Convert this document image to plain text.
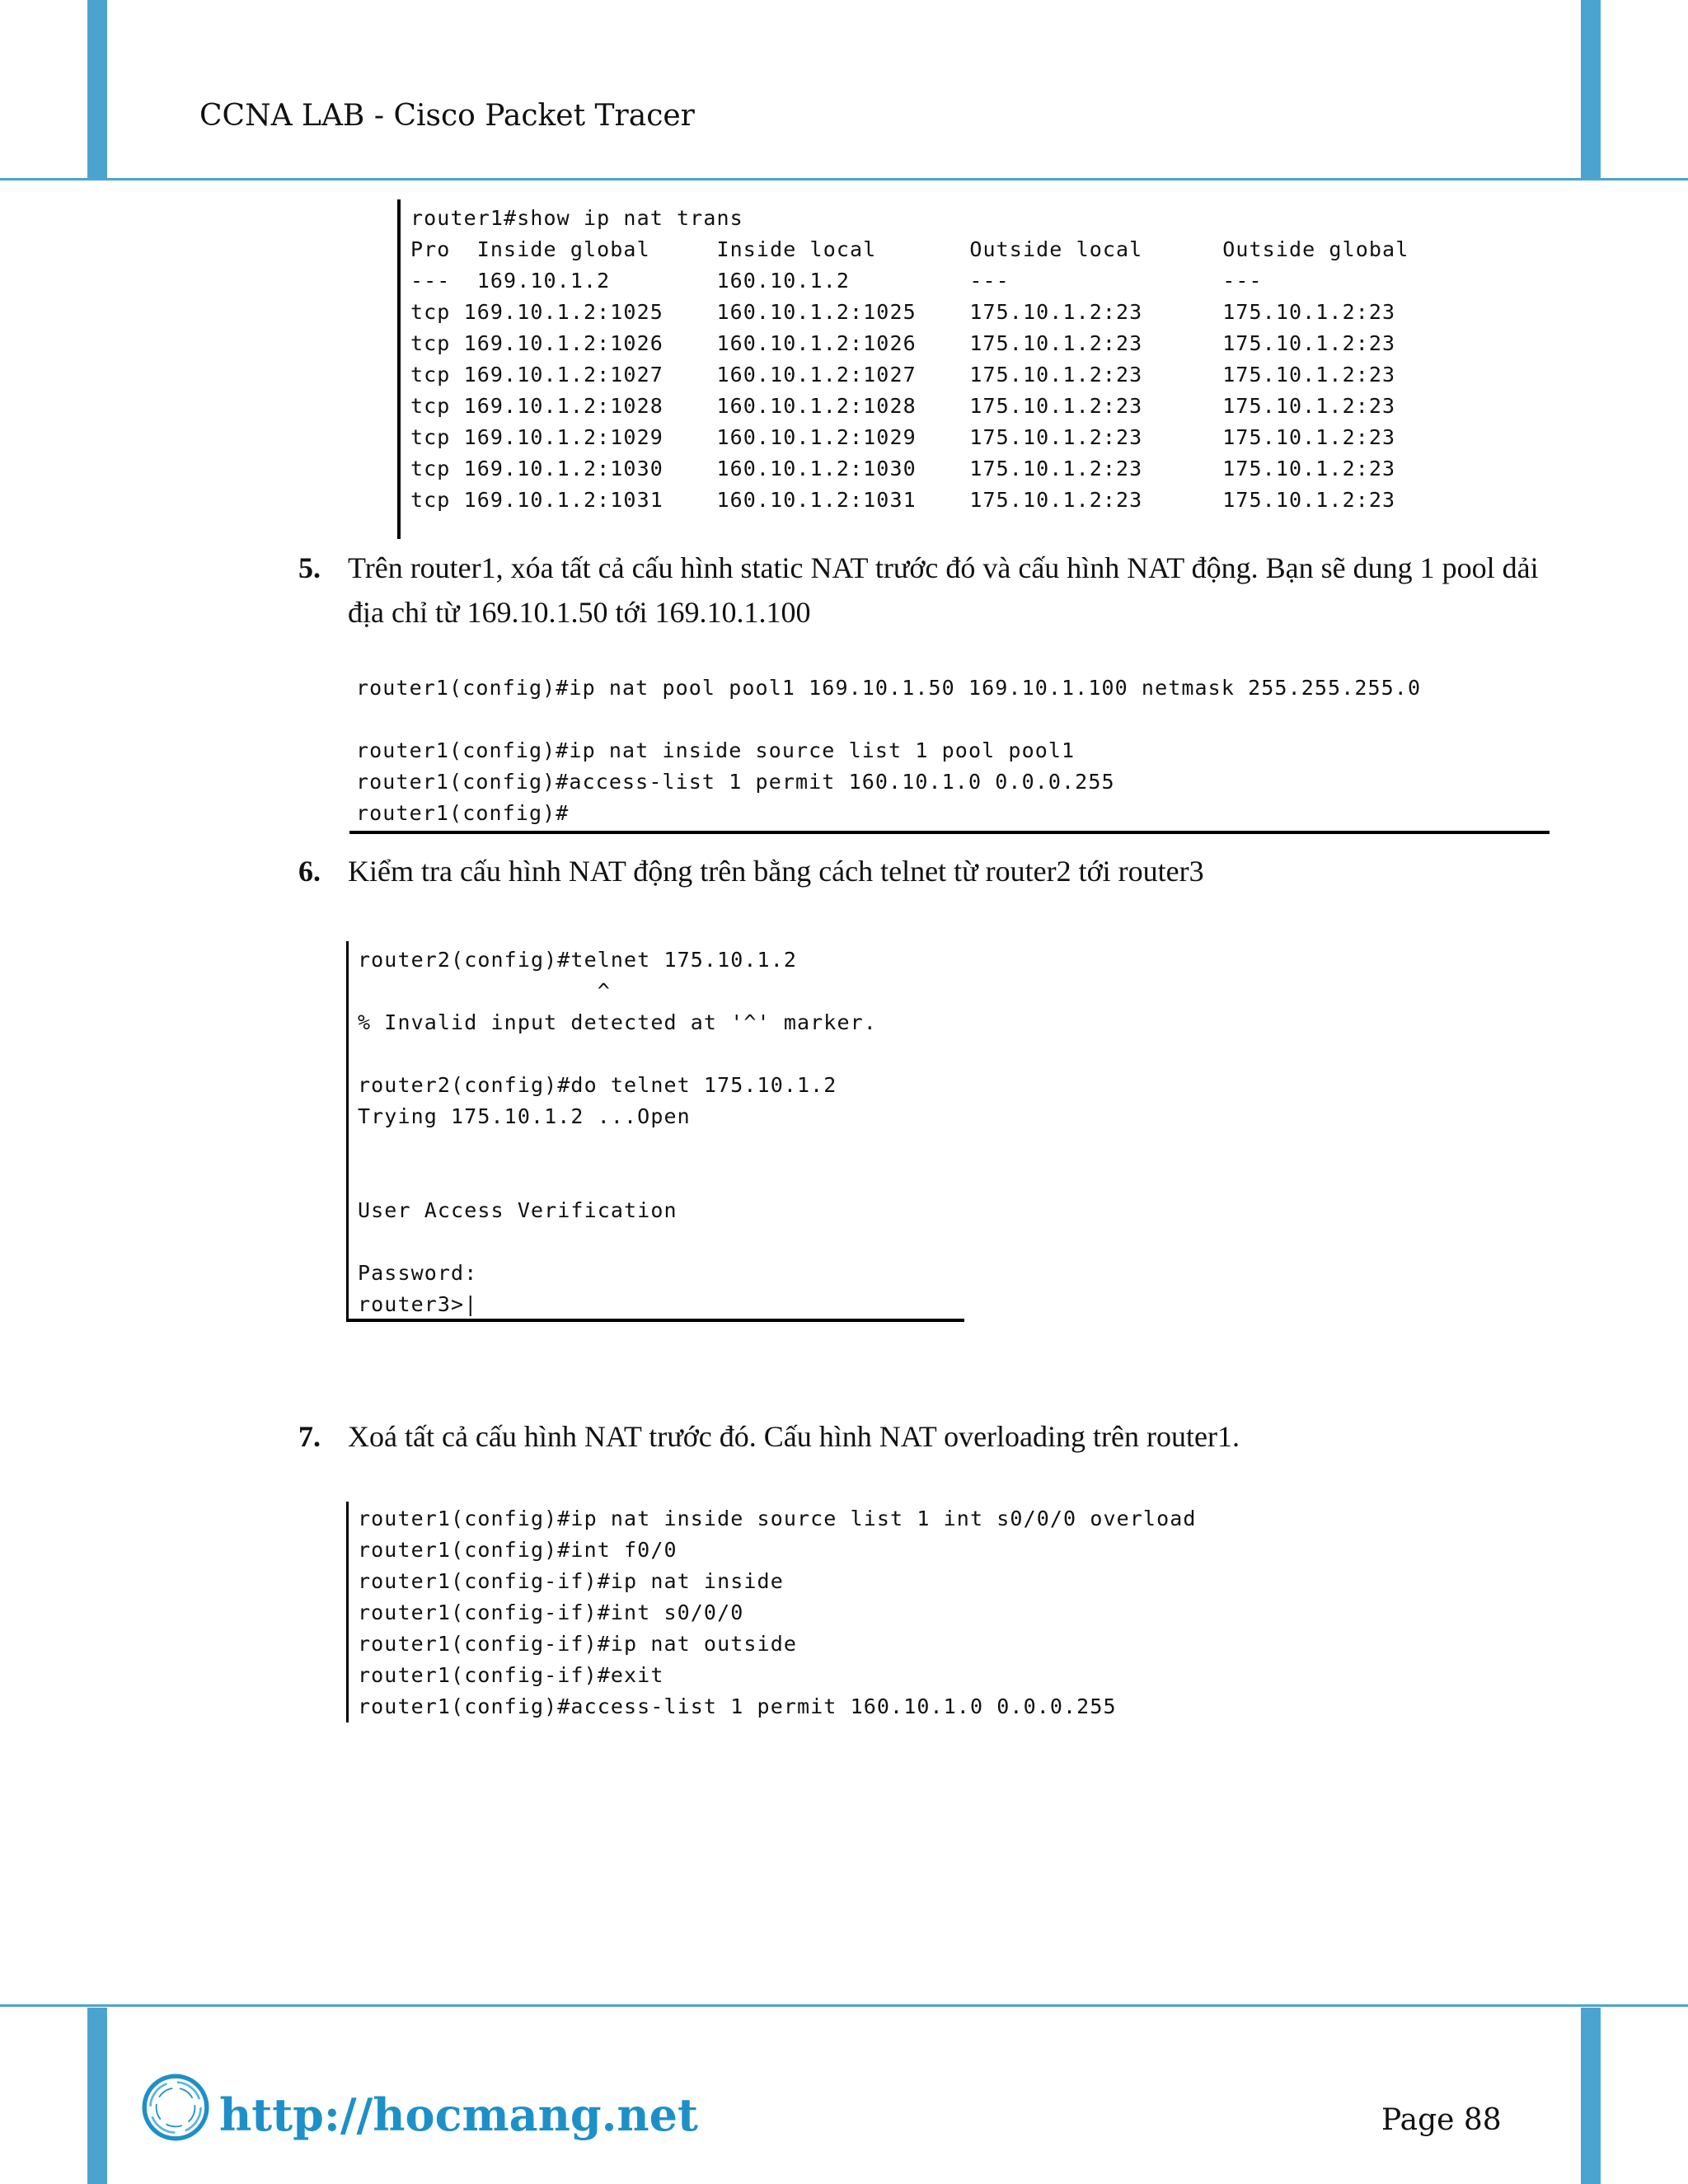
CCNA LAB - Cisco Packet Tracer
router1#show ip nat trans
Pro  Inside global     Inside local       Outside local      Outside global
---  169.10.1.2        160.10.1.2         ---                ---
tcp 169.10.1.2:1025    160.10.1.2:1025    175.10.1.2:23      175.10.1.2:23
tcp 169.10.1.2:1026    160.10.1.2:1026    175.10.1.2:23      175.10.1.2:23
tcp 169.10.1.2:1027    160.10.1.2:1027    175.10.1.2:23      175.10.1.2:23
tcp 169.10.1.2:1028    160.10.1.2:1028    175.10.1.2:23      175.10.1.2:23
tcp 169.10.1.2:1029    160.10.1.2:1029    175.10.1.2:23      175.10.1.2:23
tcp 169.10.1.2:1030    160.10.1.2:1030    175.10.1.2:23      175.10.1.2:23
tcp 169.10.1.2:1031    160.10.1.2:1031    175.10.1.2:23      175.10.1.2:23
5. Trên router1, xóa tất cả cấu hình static NAT trước đó và cấu hình NAT động. Bạn sẽ dung 1 pool dải địa chỉ từ 169.10.1.50 tới 169.10.1.100
router1(config)#ip nat pool pool1 169.10.1.50 169.10.1.100 netmask 255.255.255.0

router1(config)#ip nat inside source list 1 pool pool1
router1(config)#access-list 1 permit 160.10.1.0 0.0.0.255
router1(config)#
6. Kiểm tra cấu hình NAT động trên bằng cách telnet từ router2 tới router3
router2(config)#telnet 175.10.1.2
^
% Invalid input detected at '^' marker.

router2(config)#do telnet 175.10.1.2
Trying 175.10.1.2 ...Open

User Access Verification

Password:
router3>|
7. Xoá tất cả cấu hình NAT trước đó. Cấu hình NAT overloading trên router1.
router1(config)#ip nat inside source list 1 int s0/0/0 overload
router1(config)#int f0/0
router1(config-if)#ip nat inside
router1(config-if)#int s0/0/0
router1(config-if)#ip nat outside
router1(config-if)#exit
router1(config)#access-list 1 permit 160.10.1.0 0.0.0.255
http://hocmang.net	Page 88
